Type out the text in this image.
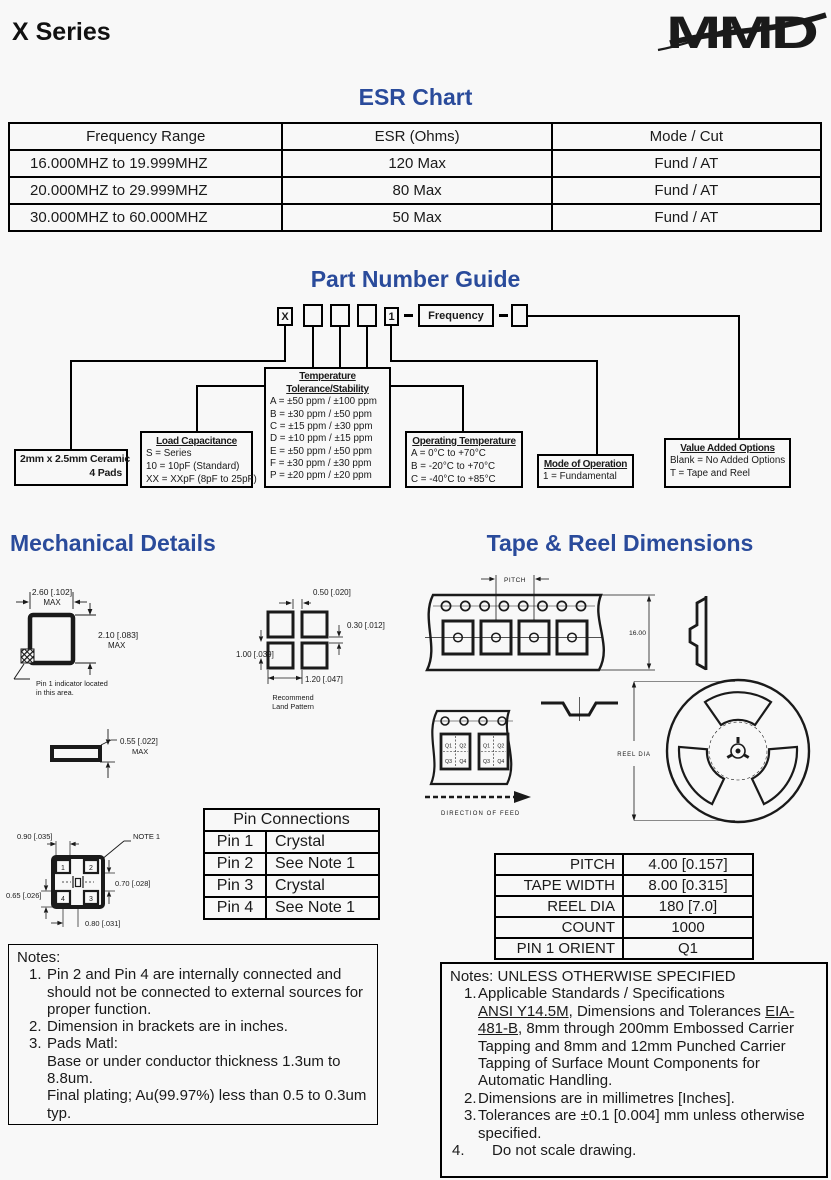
X Series	MMD
ESR Chart
Frequency Range	ESR (Ohms)	Mode / Cut
16.000MHZ to 19.999MHZ	120 Max	Fund / AT
20.000MHZ to 29.999MHZ	80 Max	Fund / AT
30.000MHZ to 60.000MHZ	50 Max	Fund / AT
Part Number Guide
X	1	Frequency
2mm x 2.5mm Ceramic
4 Pads
Load Capacitance
S = Series
10 = 10pF (Standard)
XX = XXpF (8pF to 25pF)
Temperature
Tolerance/Stability
A = ±50 ppm / ±100 ppm
B = ±30 ppm / ±50 ppm
C = ±15 ppm / ±30 ppm
D = ±10 ppm / ±15 ppm
E = ±50 ppm / ±50 ppm
F = ±30 ppm / ±30 ppm
P = ±20 ppm / ±20 ppm
Operating Temperature
A = 0°C to +70°C
B = -20°C to +70°C
C = -40°C to +85°C
Mode of Operation
1 = Fundamental
Value Added Options
Blank = No Added Options
T = Tape and Reel
Mechanical Details	Tape & Reel Dimensions
2.60 [.102]
MAX
2.10 [.083]
MAX
Pin 1 indicator located
in this area.
0.50 [.020]
0.30 [.012]
1.00 [.039]
1.20 [.047]
Recommend
Land Pattern
0.55 [.022]
MAX
1	2
4	3
0.90 [.035]	NOTE 1
0.70 [.028]
0.65 [.026]
0.80 [.031]
Pin Connections	
Pin 1	Crystal
Pin 2	See Note 1
Pin 3	Crystal
Pin 4	See Note 1
PITCH
16.00
Q1 Q2
Q3 Q4
Q1 Q2
Q3 Q4
DIRECTION OF FEED
REEL DIA
PITCH	4.00 [0.157]
TAPE WIDTH	8.00 [0.315]
REEL DIA	180 [7.0]
COUNT	1000
PIN 1 ORIENT	Q1
Notes:
1. Pin 2 and Pin 4 are internally connected and should not be connected to external sources for proper function.
2. Dimension in brackets are in inches.
3. Pads Matl:
Base or under conductor thickness 1.3um to 8.8um.
Final plating; Au(99.97%) less than 0.5 to 0.3um typ.
Notes: UNLESS OTHERWISE SPECIFIED
1. Applicable Standards / Specifications
ANSI Y14.5M, Dimensions and Tolerances EIA-481-B, 8mm through 200mm Embossed Carrier Tapping and 8mm and 12mm Punched Carrier Tapping of Surface Mount Components for Automatic Handling.
2. Dimensions are in millimetres [Inches].
3. Tolerances are ±0.1 [0.004] mm unless otherwise specified.
4.	Do not scale drawing.
